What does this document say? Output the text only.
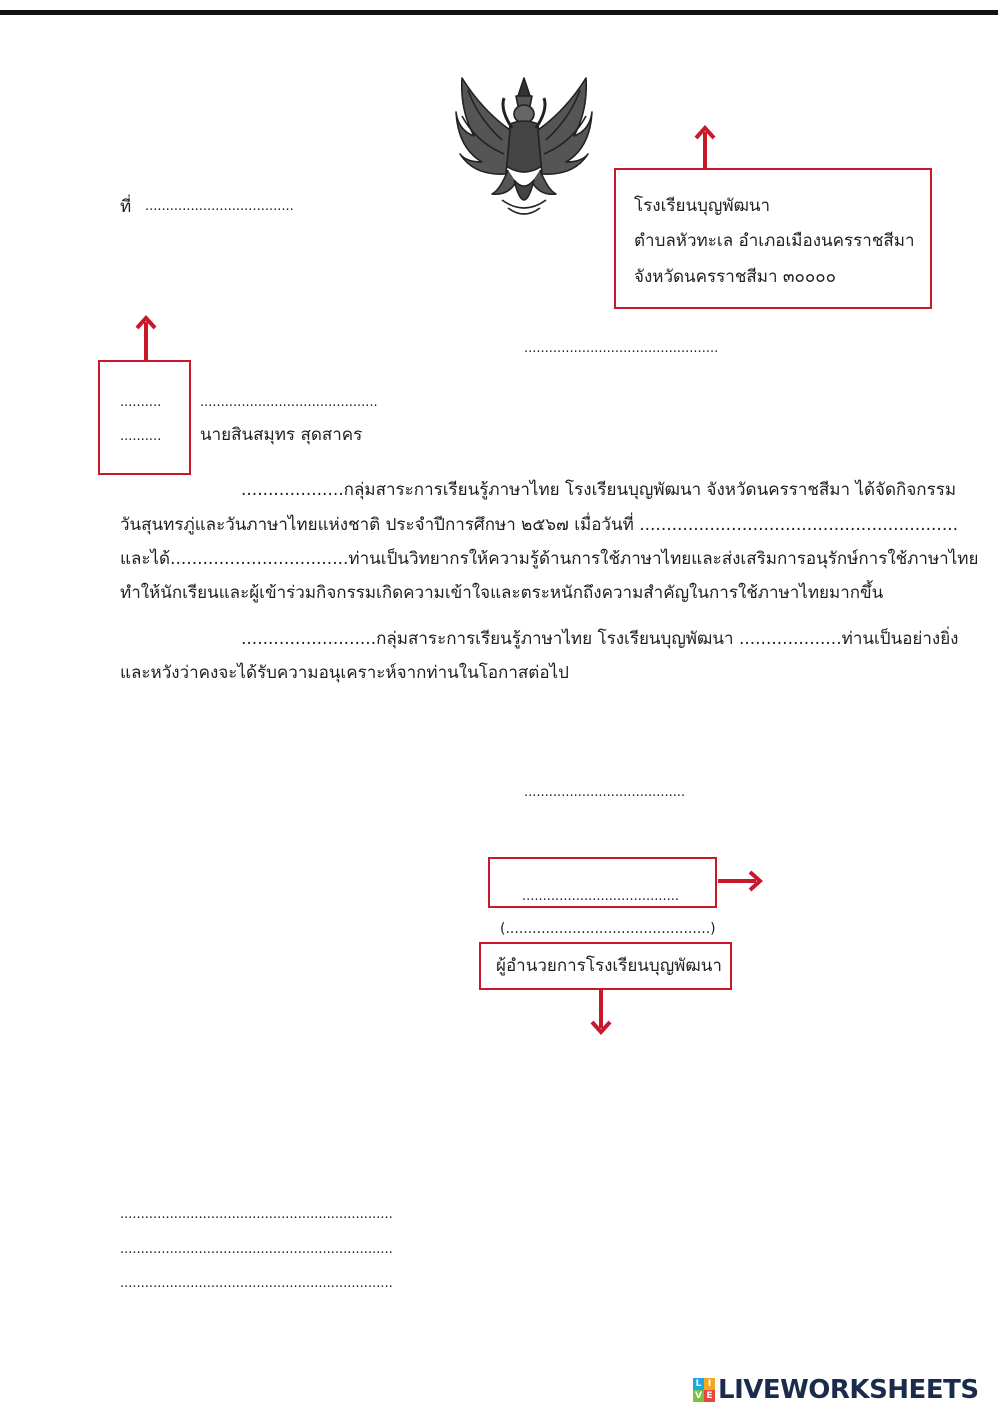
ที่ ....................................	โรงเรียนบุญพัฒนา
ตำบลหัวทะเล อำเภอเมืองนครราชสีมา
จังหวัดนครราชสีมา ๓๐๐๐๐
...............................................
..........	...........................................
.......... นายสินสมุทร สุดสาคร
...................กลุ่มสาระการเรียนรู้ภาษาไทย โรงเรียนบุญพัฒนา จังหวัดนครราชสีมา ได้จัดกิจกรรม
วันสุนทรภู่และวันภาษาไทยแห่งชาติ ประจำปีการศึกษา ๒๕๖๗ เมื่อวันที่ ...........................................................
และได้.................................ท่านเป็นวิทยากรให้ความรู้ด้านการใช้ภาษาไทยและส่งเสริมการอนุรักษ์การใช้ภาษาไทย
ทำให้นักเรียนและผู้เข้าร่วมกิจกรรมเกิดความเข้าใจและตระหนักถึงความสำคัญในการใช้ภาษาไทยมากขึ้น
.........................กลุ่มสาระการเรียนรู้ภาษาไทย โรงเรียนบุญพัฒนา ...................ท่านเป็นอย่างยิ่ง
และหวังว่าคงจะได้รับความอนุเคราะห์จากท่านในโอกาสต่อไป
.......................................
......................................
(..............................................)
ผู้อำนวยการโรงเรียนบุญพัฒนา
..................................................................
..................................................................
..................................................................
L I
V E LIVEWORKSHEETS
